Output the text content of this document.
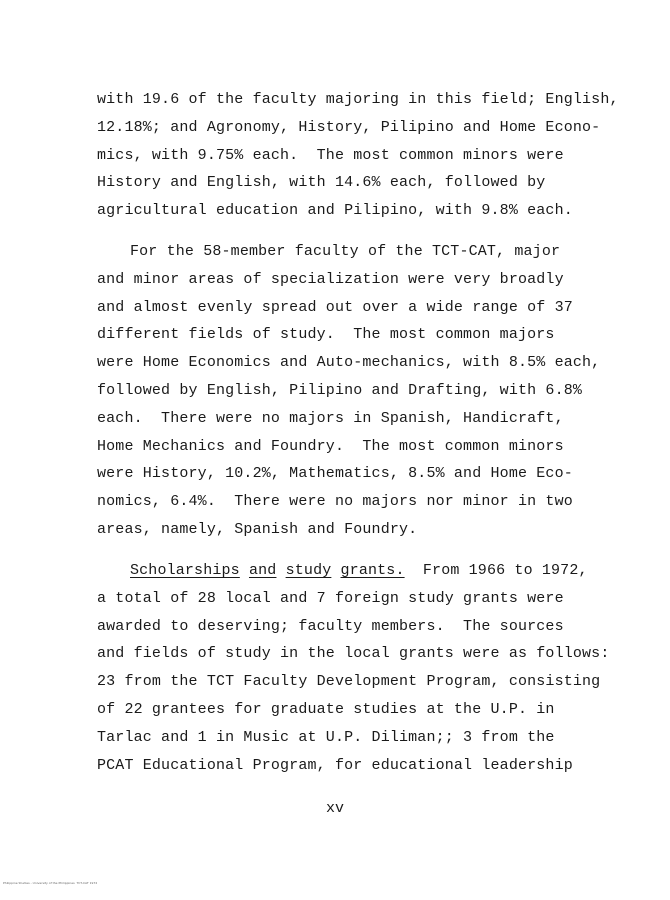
with 19.6 of the faculty majoring in this field; English,
12.18%; and Agronomy, History, Pilipino and Home Econo-
mics, with 9.75% each.  The most common minors were
History and English, with 14.6% each, followed by
agricultural education and Pilipino, with 9.8% each.
For the 58-member faculty of the TCT-CAT, major
and minor areas of specialization were very broadly
and almost evenly spread out over a wide range of 37
different fields of study.  The most common majors
were Home Economics and Auto-mechanics, with 8.5% each,
followed by English, Pilipino and Drafting, with 6.8%
each.  There were no majors in Spanish, Handicraft,
Home Mechanics and Foundry.  The most common minors
were History, 10.2%, Mathematics, 8.5% and Home Eco-
nomics, 6.4%.  There were no majors nor minor in two
areas, namely, Spanish and Foundry.
Scholarships and study grants.  From 1966 to 1972,
a total of 28 local and 7 foreign study grants were
awarded to deserving; faculty members.  The sources
and fields of study in the local grants were as follows:
23 from the TCT Faculty Development Program, consisting
of 22 grantees for graduate studies at the U.P. in
Tarlac and 1 in Music at U.P. Diliman;; 3 from the
PCAT Educational Program, for educational leadership
xv
Philippine Studies - University of the Philippines  TCT-CAT 1972
